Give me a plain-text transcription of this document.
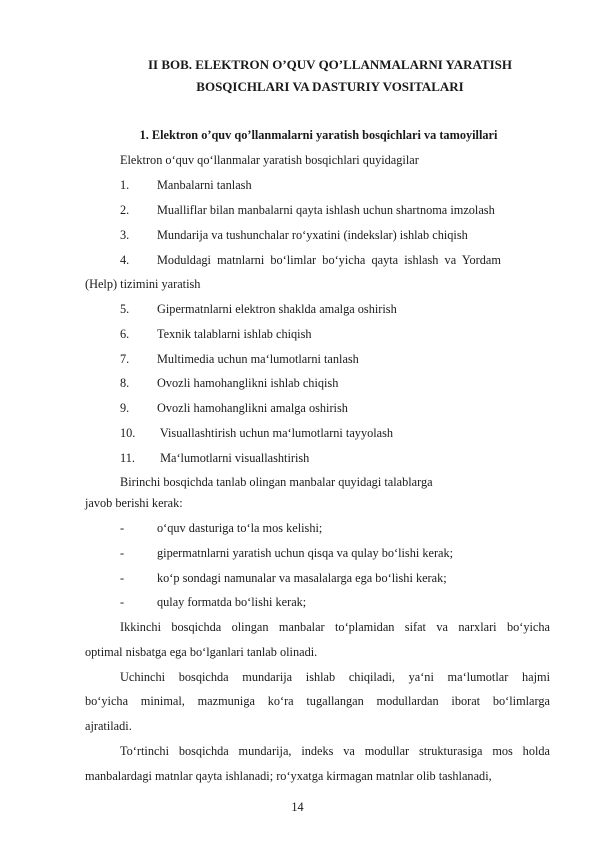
II BOB. ELEKTRON O’QUV QO’LLANMALARNI YARATISH
BOSQICHLARI VA DASTURIY VOSITALARI
1. Elektron o’quv qo’llanmalarni yaratish bosqichlari va tamoyillari
Elektron o‘quv qo‘llanmalar yaratish bosqichlari quyidagilar
1. Manbalarni tanlash
2. Mualliflar bilan manbalarni qayta ishlash uchun shartnoma imzolash
3. Mundarija va tushunchalar ro‘yxatini (indekslar) ishlab chiqish
4. Moduldagi  matnlarni  bo‘limlar  bo‘yicha  qayta  ishlash  va  Yordam
(Help) tizimini yaratish
5. Gipermatnlarni elektron shaklda amalga oshirish
6. Texnik talablarni ishlab chiqish
7. Multimedia uchun ma‘lumotlarni tanlash
8. Ovozli hamohanglikni ishlab chiqish
9. Ovozli hamohanglikni amalga oshirish
10. Visuallashtirish uchun ma‘lumotlarni tayyolash
11. Ma‘lumotlarni visuallashtirish
Birinchi bosqichda tanlab olingan manbalar quyidagi talablarga
javob berishi kerak:
-	o‘quv dasturiga to‘la mos kelishi;
-	gipermatnlarni yaratish uchun qisqa va qulay bo‘lishi kerak;
-	ko‘p sondagi namunalar va masalalarga ega bo‘lishi kerak;
-	qulay formatda bo‘lishi kerak;
Ikkinchi bosqichda olingan manbalar to‘plamidan sifat va narxlari bo‘yicha
optimal nisbatga ega bo‘lganlari tanlab olinadi.
Uchinchi  bosqichda  mundarija  ishlab  chiqiladi,  ya‘ni  ma‘lumotlar  hajmi
bo‘yicha  minimal,  mazmuniga  ko‘ra  tugallangan  modullardan  iborat  bo‘limlarga
ajratiladi.
To‘rtinchi bosqichda mundarija, indeks va modullar strukturasiga mos holda
manbalardagi matnlar qayta ishlanadi; ro‘yxatga kirmagan matnlar olib tashlanadi,
14
